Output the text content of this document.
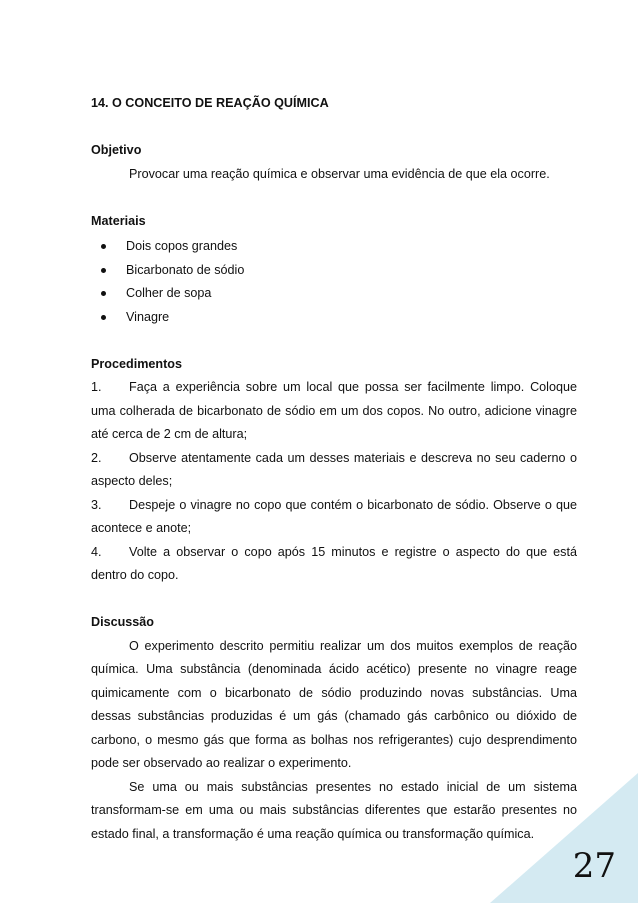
14. O CONCEITO DE REAÇÃO QUÍMICA

Objetivo

Provocar uma reação química e observar uma evidência de que ela ocorre.

Materiais

Dois copos grandes
Bicarbonato de sódio
Colher de sopa
Vinagre

Procedimentos

1. Faça a experiência sobre um local que possa ser facilmente limpo. Coloque uma colherada de bicarbonato de sódio em um dos copos. No outro, adicione vinagre até cerca de 2 cm de altura;

2. Observe atentamente cada um desses materiais e descreva no seu caderno o aspecto deles;

3. Despeje o vinagre no copo que contém o bicarbonato de sódio. Observe o que acontece e anote;

4. Volte a observar o copo após 15 minutos e registre o aspecto do que está dentro do copo.

Discussão

O experimento descrito permitiu realizar um dos muitos exemplos de reação química. Uma substância (denominada ácido acético) presente no vinagre reage quimicamente com o bicarbonato de sódio produzindo novas substâncias. Uma dessas substâncias produzidas é um gás (chamado gás carbônico ou dióxido de carbono, o mesmo gás que forma as bolhas nos refrigerantes) cujo desprendimento pode ser observado ao realizar o experimento.

Se uma ou mais substâncias presentes no estado inicial de um sistema transformam-se em uma ou mais substâncias diferentes que estarão presentes no estado final, a transformação é uma reação química ou transformação química.

27
